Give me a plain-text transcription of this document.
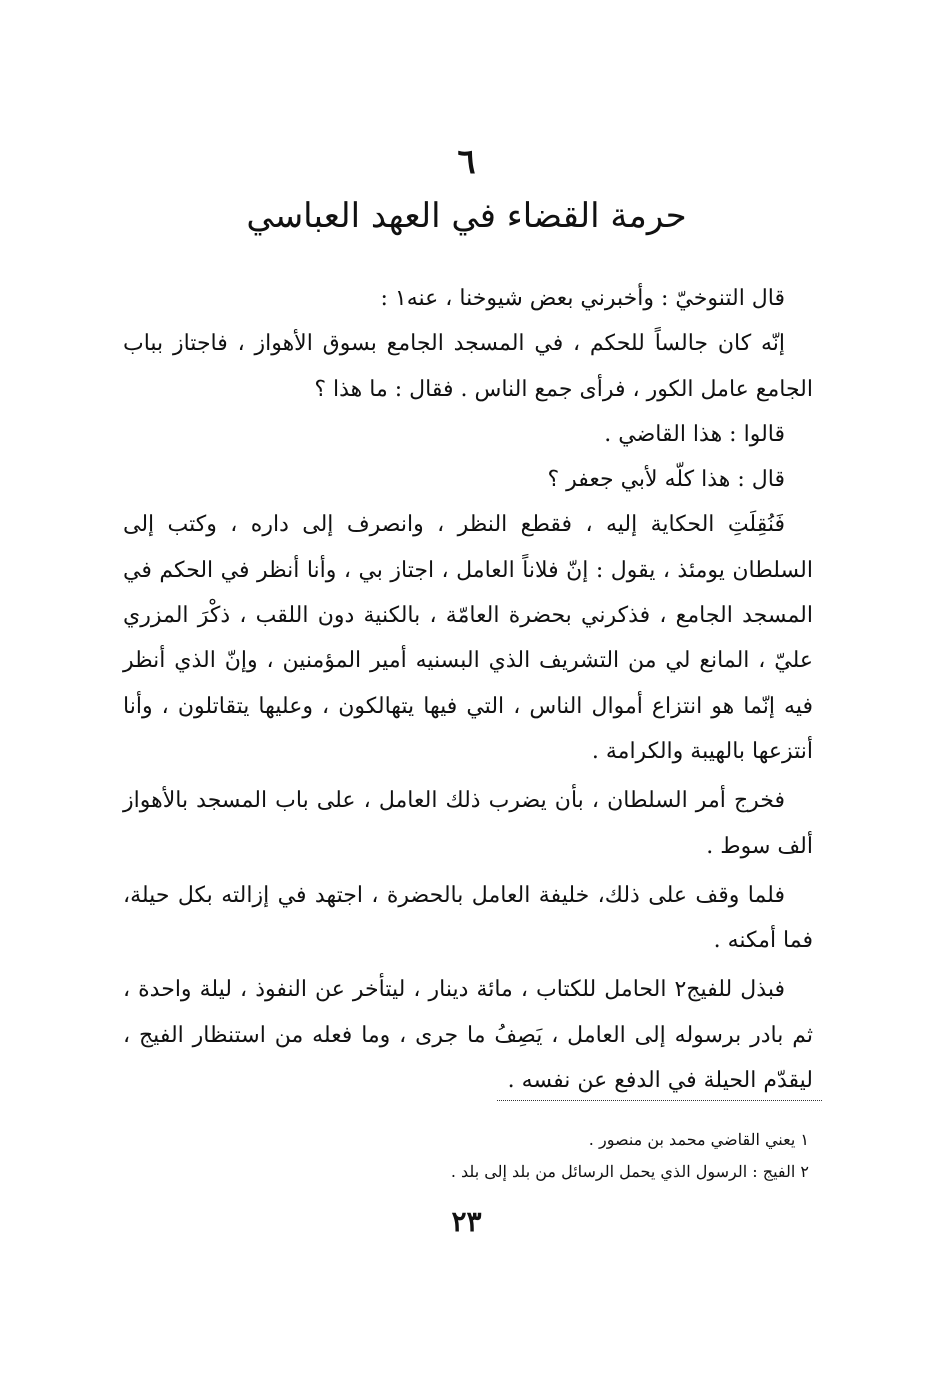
٦
حرمة القضاء في العهد العباسي

قال التنوخيّ : وأخبرني بعض شيوخنا ، عنه١ :

إنّه كان جالساً للحكم ، في المسجد الجامع بسوق الأهواز ، فاجتاز بباب الجامع عامل الكور ، فرأى جمع الناس . فقال : ما هذا ؟

قالوا : هذا القاضي .

قال : هذا كلّه لأبي جعفر ؟

فَنُقِلَتِ الحكاية إليه ، فقطع النظر ، وانصرف إلى داره ، وكتب إلى السلطان يومئذ ، يقول : إنّ فلاناً العامل ، اجتاز بي ، وأنا أنظر في الحكم في المسجد الجامع ، فذكرني بحضرة العامّة ، بالكنية دون اللقب ، ذكْرَ المزري عليّ ، المانع لي من التشريف الذي البسنيه أمير المؤمنين ، وإنّ الذي أنظر فيه إنّما هو انتزاع أموال الناس ، التي فيها يتهالكون ، وعليها يتقاتلون ، وأنا أنتزعها بالهيبة والكرامة .

فخرج أمر السلطان ، بأن يضرب ذلك العامل ، على باب المسجد بالأهواز ألف سوط .

فلما وقف على ذلك، خليفة العامل بالحضرة ، اجتهد في إزالته بكل حيلة، فما أمكنه .

فبذل للفيج٢ الحامل للكتاب ، مائة دينار ، ليتأخر عن النفوذ ، ليلة واحدة ، ثم بادر برسوله إلى العامل ، يَصِفُ ما جرى ، وما فعله من استنظار الفيج ، ليقدّم الحيلة في الدفع عن نفسه .

١ يعني القاضي محمد بن منصور .

٢ الفيج : الرسول الذي يحمل الرسائل من بلد إلى بلد .

٢٣
